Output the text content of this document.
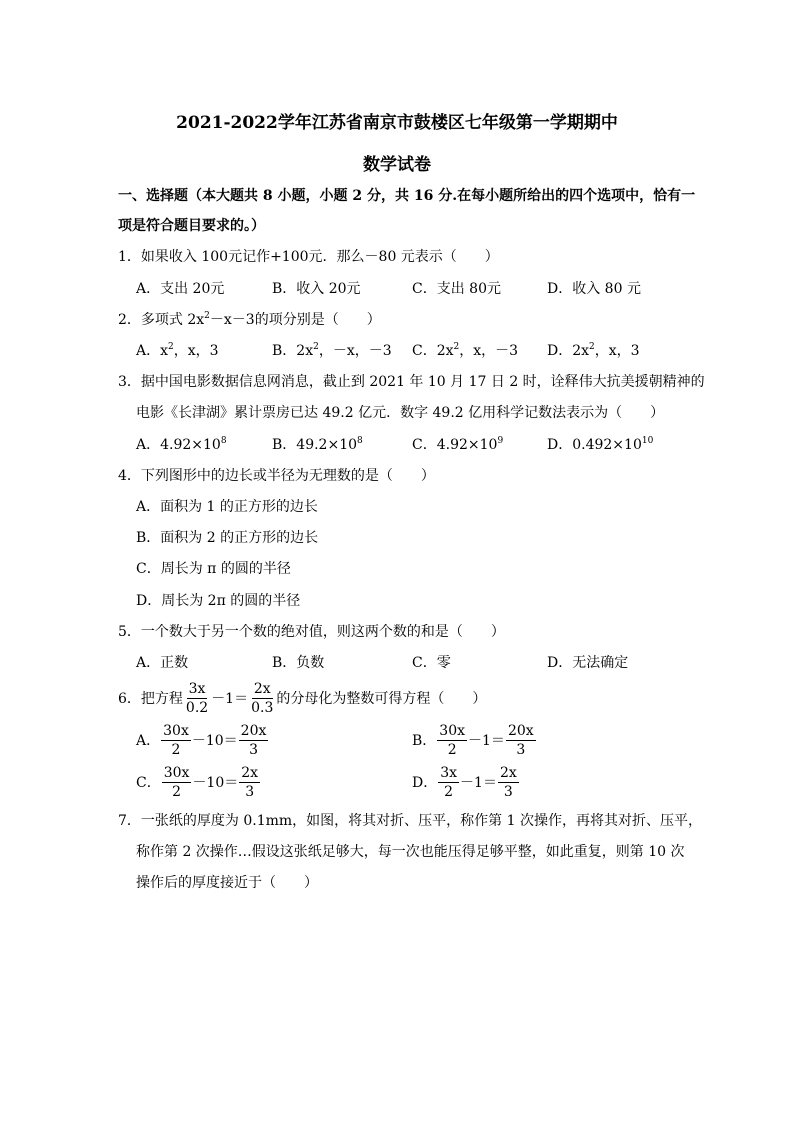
2021-2022学年江苏省南京市鼓楼区七年级第一学期期中
数学试卷
一、选择题（本大题共 8 小题，小题 2 分，共 16 分.在每小题所给出的四个选项中，恰有一
项是符合题目要求的。）
1．如果收入 100元记作+100元．那么－80 元表示（　　）
A．支出 20元	B．收入 20元	C．支出 80元	D．收入 80 元
2．多项式 $2x^2-x-3$的项分别是（　　）
A．$x^2$，x，3	B．$2x^2$，－x，－3 C．$2x^2$，x，－3 D．$2x^2$，x，3
3．据中国电影数据信息网消息，截止到 2021 年 10 月 17 日 2 时，诠释伟大抗美援朝精神的
电影《长津湖》累计票房已达 49.2 亿元．数字 49.2 亿用科学记数法表示为（　　）
A．$4.92\times 10^8$	B．$49.2\times 10^8$	C．$4.92\times 10^9$	D．$0.492\times 10^{10}$
4．下列图形中的边长或半径为无理数的是（　　）
A．面积为 1 的正方形的边长
B．面积为 2 的正方形的边长
C．周长为 π 的圆的半径
D．周长为 2π 的圆的半径
5．一个数大于另一个数的绝对值，则这两个数的和是（　　）
A．正数	B．负数	C．零	D．无法确定
6．把方程 $\frac{3x}{0.2} -1= \frac{2x}{0.3}$ 的分母化为整数可得方程（　　）
A． $\frac{30x}{2} -10= \frac{20x}{3}$	B． $\frac{30x}{2} -1= \frac{20x}{3}$
C． $\frac{30x}{2} -10= \frac{2x}{3}$	D． $\frac{3x}{2} -1= \frac{2x}{3}$
7．一张纸的厚度为 0.1mm，如图，将其对折、压平，称作第 1 次操作，再将其对折、压平，
称作第 2 次操作…假设这张纸足够大，每一次也能压得足够平整，如此重复，则第 10 次
操作后的厚度接近于（　　）
